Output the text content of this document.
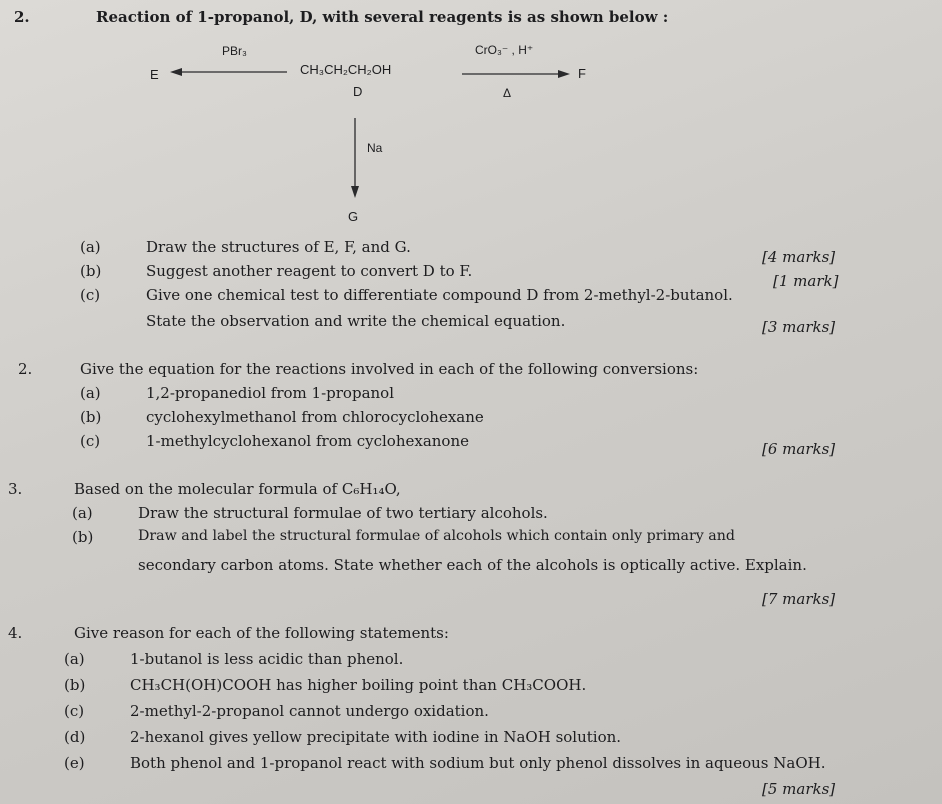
2.	Reaction of 1-propanol, D, with several reagents is as shown below :
E
PBr₃
CH₃CH₂CH₂OH
D
CrO₃⁻ , H⁺
Δ
F
Na
G
(a)	Draw the structures of E, F, and G.
[4 marks]
(b)	Suggest another reagent to convert D to F.
[1 mark]
(c)	Give one chemical test to differentiate compound D from 2-methyl-2-butanol.
State the observation and write the chemical equation.	[3 marks]
2.	Give the equation for the reactions involved in each of the following conversions:
(a)	1,2-propanediol from 1-propanol
(b)	cyclohexylmethanol from chlorocyclohexane
(c)	1-methylcyclohexanol from cyclohexanone	[6 marks]
3.	Based on the molecular formula of C₆H₁₄O,
(a)	Draw the structural formulae of two tertiary alcohols.
(b)	Draw and label the structural formulae of alcohols which contain only primary and
secondary carbon atoms. State whether each of the alcohols is optically active. Explain.
[7 marks]
4.	Give reason for each of the following statements:
(a)	1-butanol is less acidic than phenol.
(b)	CH₃CH(OH)COOH has higher boiling point than CH₃COOH.
(c)	2-methyl-2-propanol cannot undergo oxidation.
(d)	2-hexanol gives yellow precipitate with iodine in NaOH solution.
(e)	Both phenol and 1-propanol react with sodium but only phenol dissolves in aqueous NaOH.
[5 marks]
